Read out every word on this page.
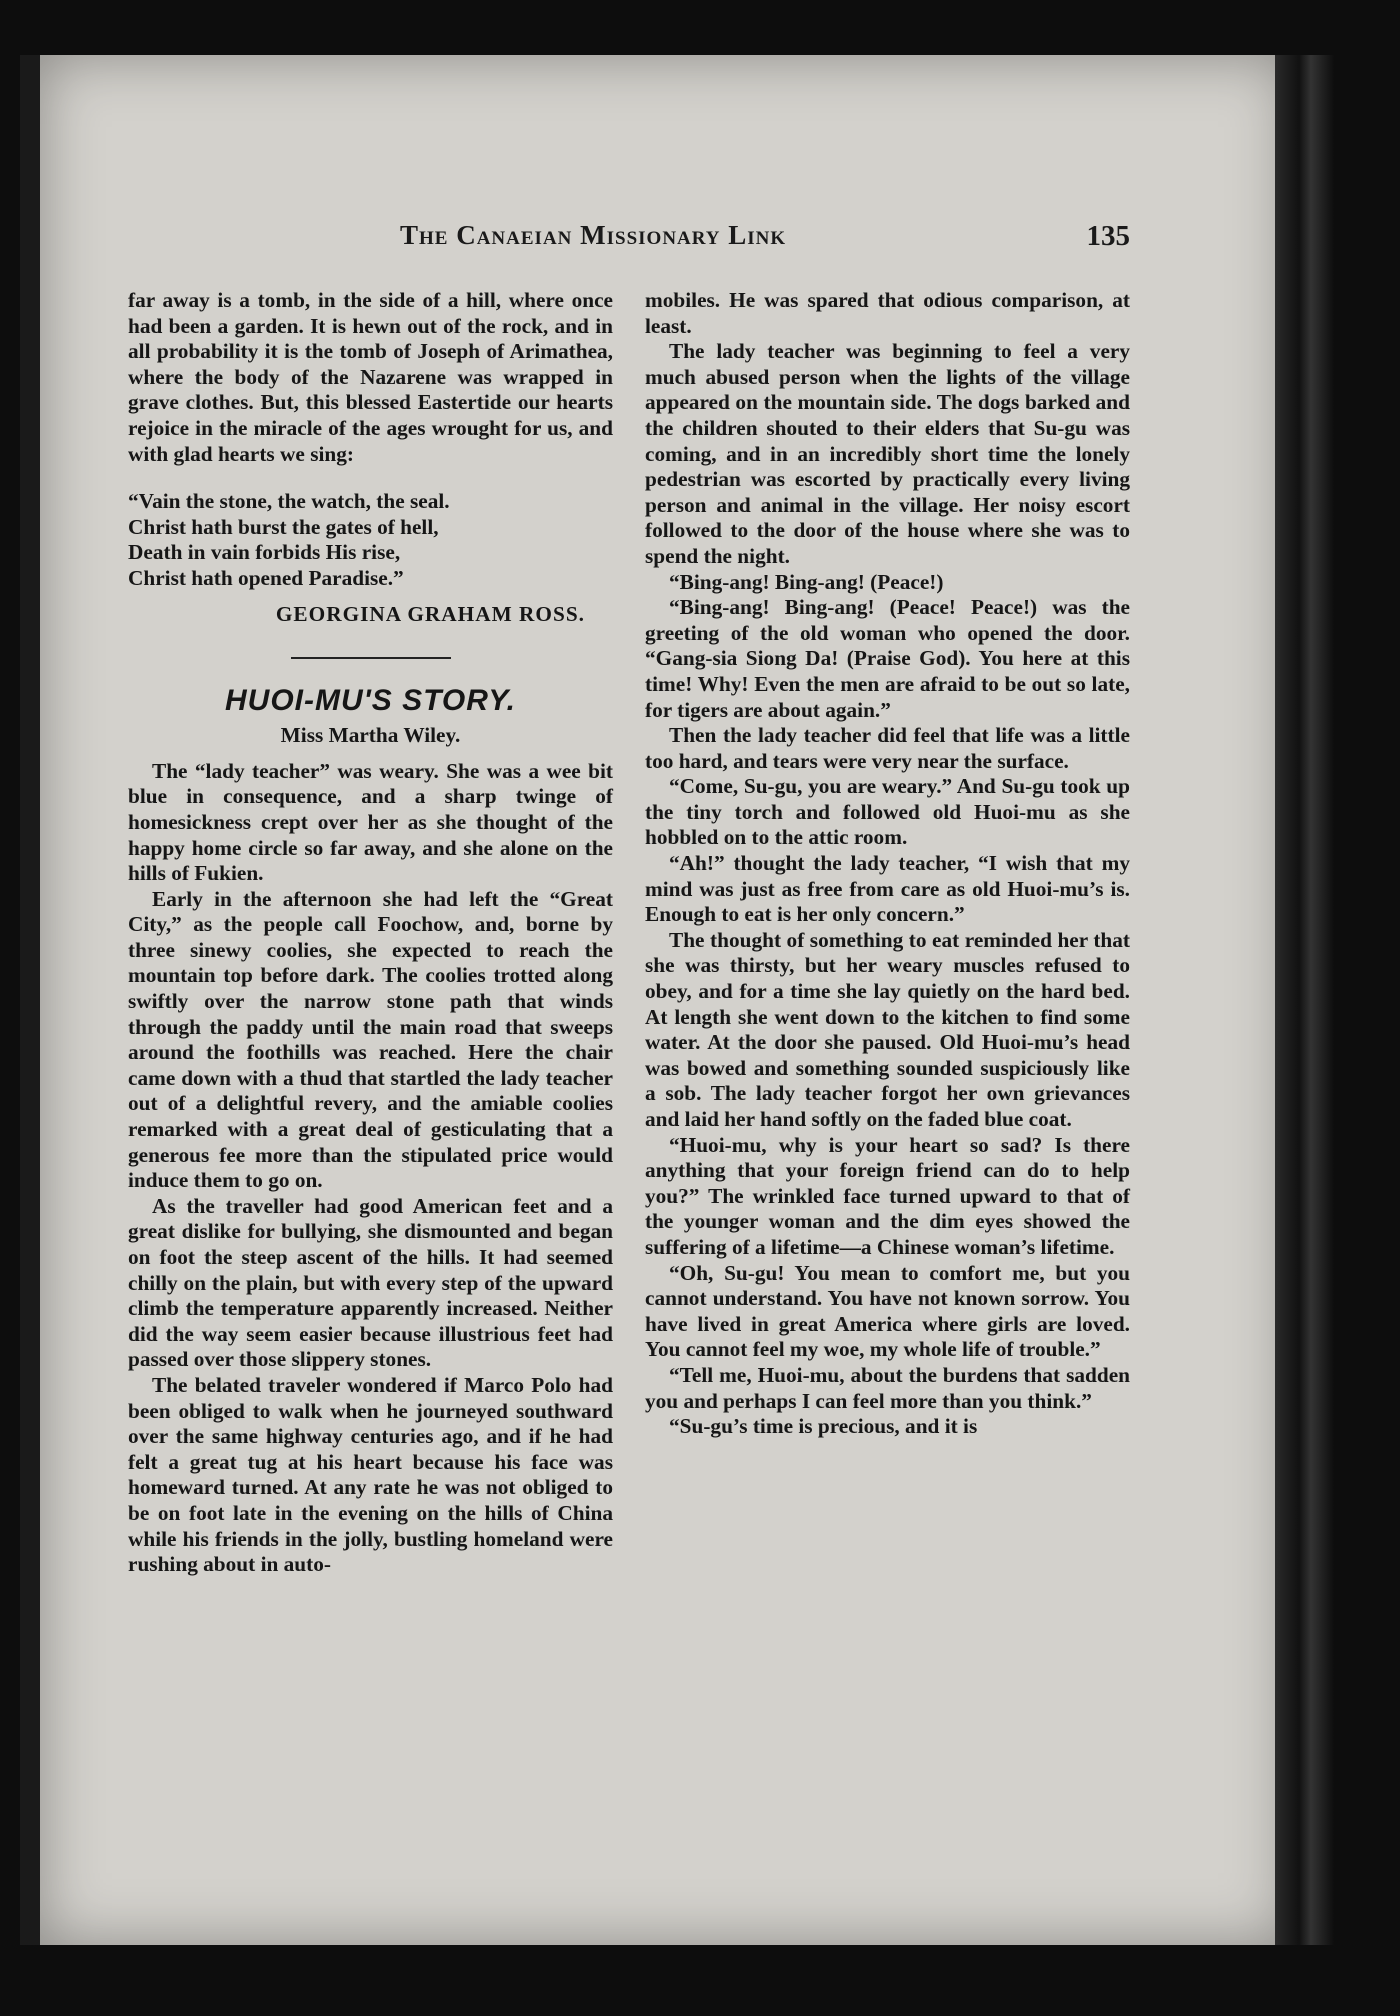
The Canaeian Missionary Link	135

far away is a tomb, in the side of a hill, where once had been a garden. It is hewn out of the rock, and in all probability it is the tomb of Joseph of Arimathea, where the body of the Nazarene was wrapped in grave clothes. But, this blessed Eastertide our hearts rejoice in the miracle of the ages wrought for us, and with glad hearts we sing:

“Vain the stone, the watch, the seal.
Christ hath burst the gates of hell,
Death in vain forbids His rise,
Christ hath opened Paradise.”
GEORGINA GRAHAM ROSS.
HUOI-MU'S STORY.
Miss Martha Wiley.

The “lady teacher” was weary. She was a wee bit blue in consequence, and a sharp twinge of homesickness crept over her as she thought of the happy home circle so far away, and she alone on the hills of Fukien.

Early in the afternoon she had left the “Great City,” as the people call Foochow, and, borne by three sinewy coolies, she expected to reach the mountain top before dark. The coolies trotted along swiftly over the narrow stone path that winds through the paddy until the main road that sweeps around the foothills was reached. Here the chair came down with a thud that startled the lady teacher out of a delightful revery, and the amiable coolies remarked with a great deal of gesticulating that a generous fee more than the stipulated price would induce them to go on.

As the traveller had good American feet and a great dislike for bullying, she dismounted and began on foot the steep ascent of the hills. It had seemed chilly on the plain, but with every step of the upward climb the temperature apparently increased. Neither did the way seem easier because illustrious feet had passed over those slippery stones.

The belated traveler wondered if Marco Polo had been obliged to walk when he journeyed southward over the same highway centuries ago, and if he had felt a great tug at his heart because his face was homeward turned. At any rate he was not obliged to be on foot late in the evening on the hills of China while his friends in the jolly, bustling homeland were rushing about in auto-

mobiles. He was spared that odious comparison, at least.

The lady teacher was beginning to feel a very much abused person when the lights of the village appeared on the mountain side. The dogs barked and the children shouted to their elders that Su-gu was coming, and in an incredibly short time the lonely pedestrian was escorted by practically every living person and animal in the village. Her noisy escort followed to the door of the house where she was to spend the night.

“Bing-ang! Bing-ang! (Peace!)

“Bing-ang! Bing-ang! (Peace! Peace!) was the greeting of the old woman who opened the door. “Gang-sia Siong Da! (Praise God). You here at this time! Why! Even the men are afraid to be out so late, for tigers are about again.”

Then the lady teacher did feel that life was a little too hard, and tears were very near the surface.

“Come, Su-gu, you are weary.” And Su-gu took up the tiny torch and followed old Huoi-mu as she hobbled on to the attic room.

“Ah!” thought the lady teacher, “I wish that my mind was just as free from care as old Huoi-mu’s is. Enough to eat is her only concern.”

The thought of something to eat reminded her that she was thirsty, but her weary muscles refused to obey, and for a time she lay quietly on the hard bed. At length she went down to the kitchen to find some water. At the door she paused. Old Huoi-mu’s head was bowed and something sounded suspiciously like a sob. The lady teacher forgot her own grievances and laid her hand softly on the faded blue coat.

“Huoi-mu, why is your heart so sad? Is there anything that your foreign friend can do to help you?” The wrinkled face turned upward to that of the younger woman and the dim eyes showed the suffering of a lifetime—a Chinese woman’s lifetime.

“Oh, Su-gu! You mean to comfort me, but you cannot understand. You have not known sorrow. You have lived in great America where girls are loved. You cannot feel my woe, my whole life of trouble.”

“Tell me, Huoi-mu, about the burdens that sadden you and perhaps I can feel more than you think.”

“Su-gu’s time is precious, and it is
